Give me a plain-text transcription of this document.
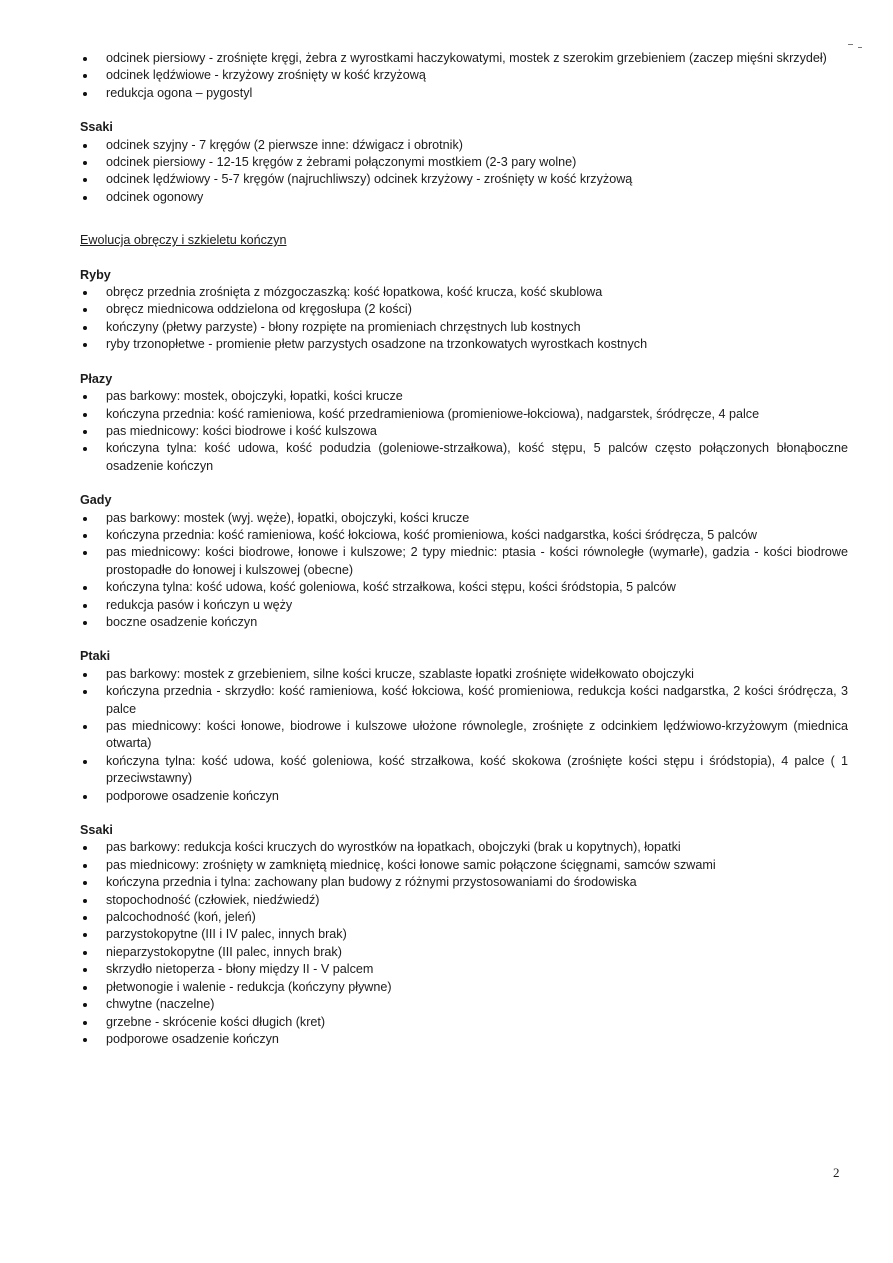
odcinek piersiowy - zrośnięte kręgi, żebra z wyrostkami haczykowatymi, mostek z szerokim grzebieniem (zaczep mięśni skrzydeł)
odcinek lędźwiowe - krzyżowy zrośnięty w kość krzyżową
redukcja ogona – pygostyl

Ssaki

odcinek szyjny - 7 kręgów (2 pierwsze inne: dźwigacz i obrotnik)
odcinek piersiowy - 12-15 kręgów z żebrami połączonymi mostkiem (2-3 pary wolne)
odcinek lędźwiowy - 5-7 kręgów (najruchliwszy) odcinek krzyżowy - zrośnięty w kość krzyżową
odcinek ogonowy

Ewolucja obręczy i szkieletu kończyn

Ryby

obręcz przednia zrośnięta z mózgoczaszką: kość łopatkowa, kość krucza, kość skublowa
obręcz miednicowa oddzielona od kręgosłupa (2 kości)
kończyny (płetwy parzyste) - błony rozpięte na promieniach chrzęstnych lub kostnych
ryby trzonopłetwe - promienie płetw parzystych osadzone na trzonkowatych wyrostkach kostnych

Płazy

pas barkowy: mostek, obojczyki, łopatki, kości krucze
kończyna przednia: kość ramieniowa, kość przedramieniowa (promieniowe-łokciowa), nadgarstek, śródręcze, 4 palce
pas miednicowy: kości biodrowe i kość kulszowa
kończyna tylna: kość udowa, kość podudzia (goleniowe-strzałkowa), kość stępu, 5 palców często połączonych błonąboczne osadzenie kończyn

Gady

pas barkowy: mostek (wyj. węże), łopatki, obojczyki, kości krucze
kończyna przednia: kość ramieniowa, kość łokciowa, kość promieniowa, kości nadgarstka, kości śródręcza, 5 palców
pas miednicowy: kości biodrowe, łonowe i kulszowe; 2 typy miednic: ptasia - kości równoległe (wymarłe), gadzia - kości biodrowe prostopadłe do łonowej i kulszowej (obecne)
kończyna tylna: kość udowa, kość goleniowa, kość strzałkowa, kości stępu, kości śródstopia, 5 palców
redukcja pasów i kończyn u węży
boczne osadzenie kończyn

Ptaki

pas barkowy: mostek z grzebieniem, silne kości krucze, szablaste łopatki zrośnięte widełkowato obojczyki
kończyna przednia - skrzydło: kość ramieniowa, kość łokciowa, kość promieniowa, redukcja kości nadgarstka, 2 kości śródręcza, 3 palce
pas miednicowy: kości łonowe, biodrowe i kulszowe ułożone równolegle, zrośnięte z odcinkiem lędźwiowo-krzyżowym (miednica otwarta)
kończyna tylna: kość udowa, kość goleniowa, kość strzałkowa, kość skokowa (zrośnięte kości stępu i śródstopia), 4 palce ( 1 przeciwstawny)
podporowe osadzenie kończyn

Ssaki

pas barkowy: redukcja kości kruczych do wyrostków na łopatkach, obojczyki (brak u kopytnych), łopatki
pas miednicowy: zrośnięty w zamkniętą miednicę, kości łonowe samic połączone ścięgnami, samców szwami
kończyna przednia i tylna: zachowany plan budowy z różnymi przystosowaniami do środowiska
stopochodność (człowiek, niedźwiedź)
palcochodność (koń, jeleń)
parzystokopytne (III i IV palec, innych brak)
nieparzystokopytne (III palec, innych brak)
skrzydło nietoperza - błony między II - V palcem
płetwonogie i walenie - redukcja (kończyny pływne)
chwytne (naczelne)
grzebne - skrócenie kości długich (kret)
podporowe osadzenie kończyn
2
